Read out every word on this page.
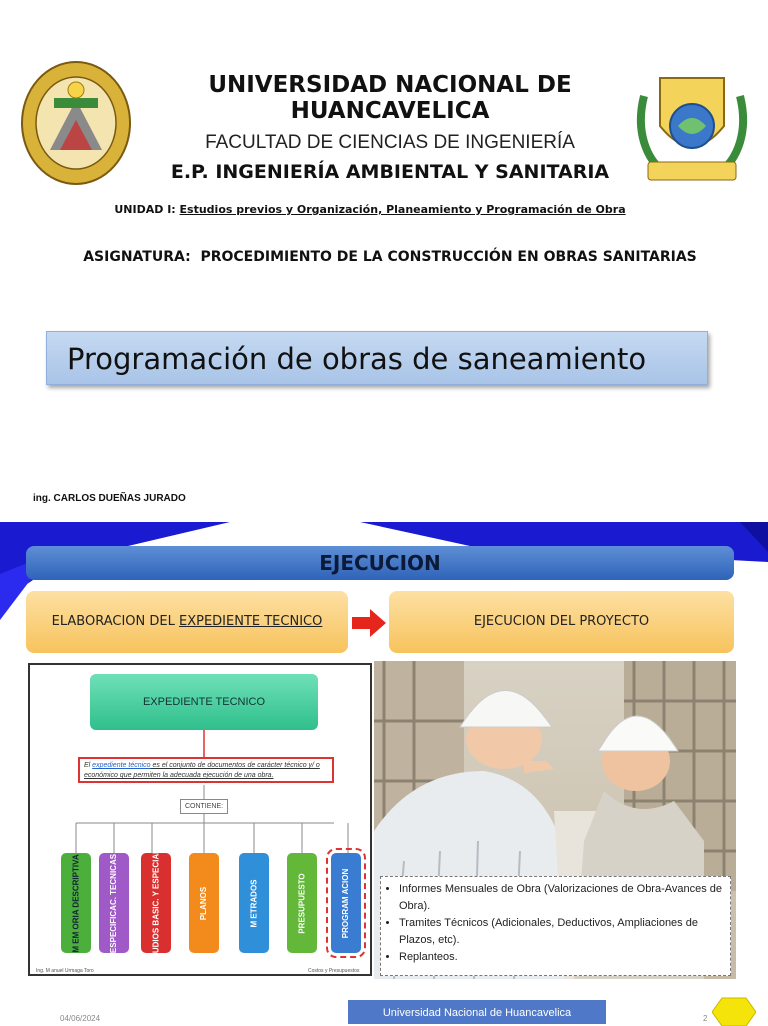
UNIVERSIDAD NACIONAL DE HUANCAVELICA
FACULTAD DE CIENCIAS DE INGENIERÍA
E.P. INGENIERÍA AMBIENTAL Y SANITARIA
UNIDAD I: Estudios previos y Organización, Planeamiento y Programación de Obra
ASIGNATURA: PROCEDIMIENTO DE LA CONSTRUCCIÓN EN OBRAS SANITARIAS
Programación de obras de saneamiento
ing. CARLOS DUEÑAS JURADO
EJECUCION
ELABORACION DEL EXPEDIENTE TECNICO	EJECUCION DEL PROYECTO
EXPEDIENTE TECNICO
El expediente técnico es el conjunto de documentos de carácter técnico y/ o económico que permiten la adecuada ejecución de una obra.
CONTIENE:
M EM ORIA DESCRIPTIVA	ESPECIFICAC. TECNICAS	ESTUDIOS BASIC. Y ESPECIALES	PLANOS	M ETRADOS	PRESUPUESTO	PROGRAM ACION
Ing. M anuel Urmaga Toro	Costos y Presupuestos
• Informes Mensuales de Obra (Valorizaciones de Obra-Avances de Obra).
• Tramites Técnicos (Adicionales, Deductivos, Ampliaciones de Plazos, etc).
• Replanteos.
04/06/2024	Universidad Nacional de Huancavelica	2
